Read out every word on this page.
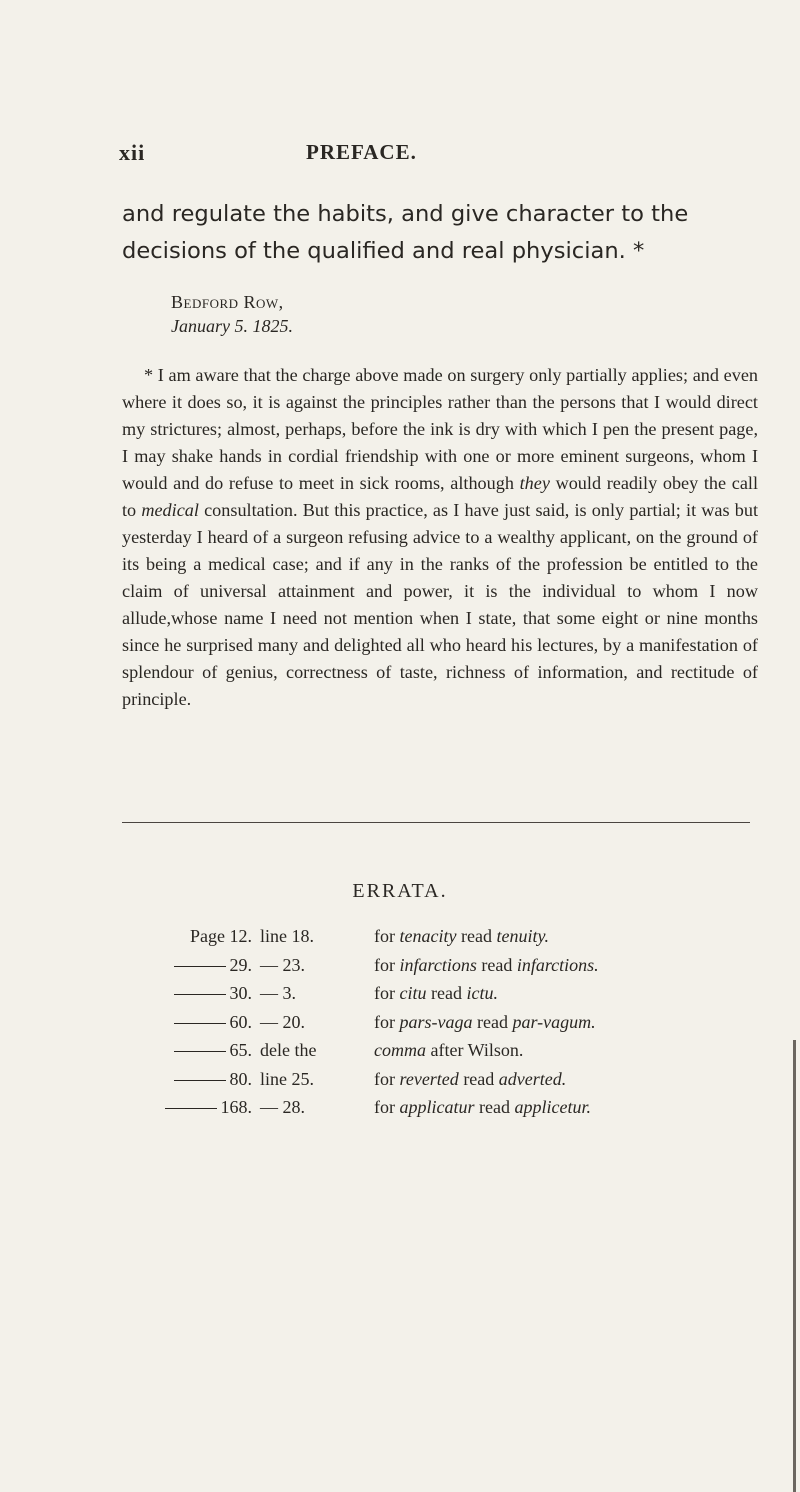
xii	PREFACE.
and regulate the habits, and give character to the
decisions of the qualified and real physician. *
Bedford Row,
January 5. 1825.

* I am aware that the charge above made on surgery only partially applies; and even where it does so, it is against the principles rather than the persons that I would direct my strictures; almost, perhaps, before the ink is dry with which I pen the present page, I may shake hands in cordial friendship with one or more eminent surgeons, whom I would and do refuse to meet in sick rooms, although they would readily obey the call to medical consultation. But this practice, as I have just said, is only partial; it was but yesterday I heard of a surgeon refusing advice to a wealthy applicant, on the ground of its being a medical case; and if any in the ranks of the profession be entitled to the claim of universal attainment and power, it is the individual to whom I now allude,whose name I need not mention when I state, that some eight or nine months since he surprised many and delighted all who heard his lectures, by a manifestation of splendour of genius, correctness of taste, richness of information, and rectitude of principle.

ERRATA.
Page 12. line 18.	for tenacity read tenuity.
29. — 23.	for infarctions read infarctions.
30. — 3.	for citu read ictu.
60. — 20.	for pars-vaga read par-vagum.
65. dele the	comma after Wilson.
80. line 25.	for reverted read adverted.
168. — 28.	for applicatur read applicetur.
